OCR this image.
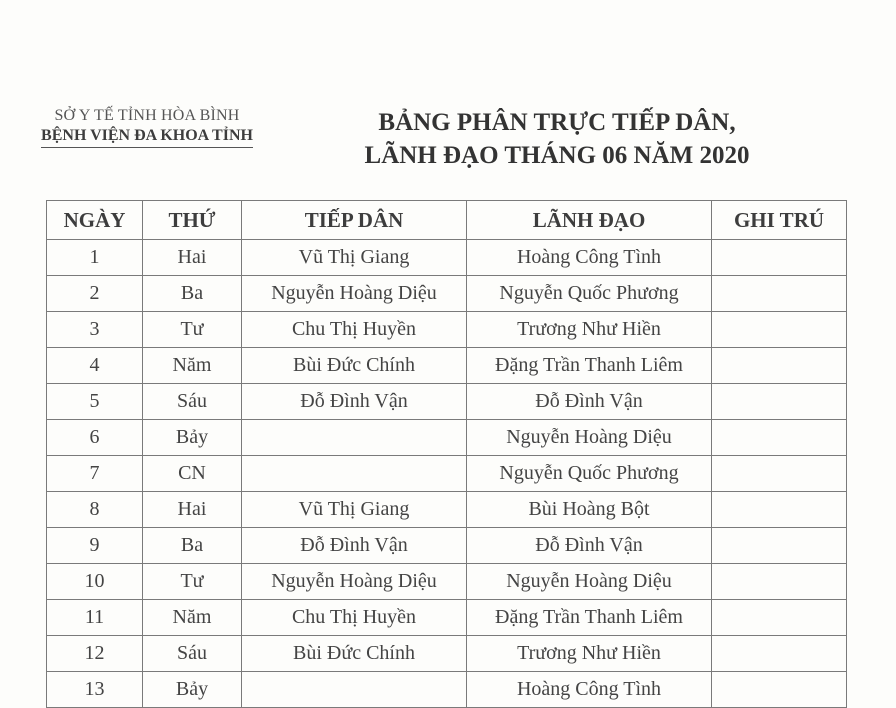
SỞ Y TẾ TỈNH HÒA BÌNH
BỆNH VIỆN ĐA KHOA TỈNH	BẢNG PHÂN TRỰC TIẾP DÂN,
LÃNH ĐẠO THÁNG 06 NĂM 2020
NGÀY	THỨ	TIẾP DÂN	LÃNH ĐẠO	GHI TRÚ
1	Hai	Vũ Thị Giang	Hoàng Công Tình	
2	Ba	Nguyễn Hoàng Diệu	Nguyễn Quốc Phương	
3	Tư	Chu Thị Huyền	Trương Như Hiền	
4	Năm	Bùi Đức Chính	Đặng Trần Thanh Liêm	
5	Sáu	Đỗ Đình Vận	Đỗ Đình Vận	
6	Bảy		Nguyễn Hoàng Diệu	
7	CN		Nguyễn Quốc Phương	
8	Hai	Vũ Thị Giang	Bùi Hoàng Bột	
9	Ba	Đỗ Đình Vận	Đỗ Đình Vận	
10	Tư	Nguyễn Hoàng Diệu	Nguyễn Hoàng Diệu	
11	Năm	Chu Thị Huyền	Đặng Trần Thanh Liêm	
12	Sáu	Bùi Đức Chính	Trương Như Hiền	
13	Bảy		Hoàng Công Tình	
